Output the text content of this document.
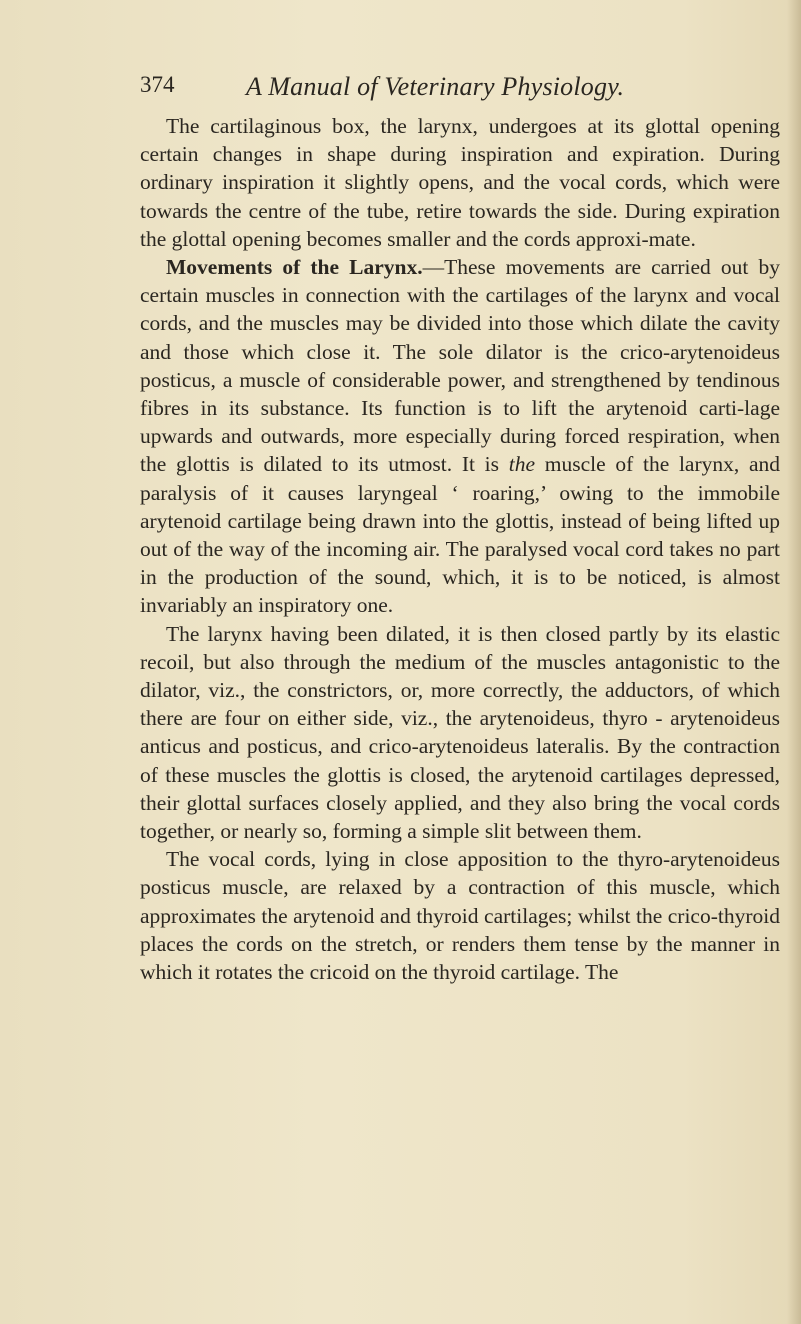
374	A Manual of Veterinary Physiology.

The cartilaginous box, the larynx, undergoes at its glottal opening certain changes in shape during inspiration and expiration. During ordinary inspiration it slightly opens, and the vocal cords, which were towards the centre of the tube, retire towards the side. During expiration the glottal opening becomes smaller and the cords approxi-mate.

Movements of the Larynx.—These movements are carried out by certain muscles in connection with the cartilages of the larynx and vocal cords, and the muscles may be divided into those which dilate the cavity and those which close it. The sole dilator is the crico-arytenoideus posticus, a muscle of considerable power, and strengthened by tendinous fibres in its substance. Its function is to lift the arytenoid carti-lage upwards and outwards, more especially during forced respiration, when the glottis is dilated to its utmost. It is the muscle of the larynx, and paralysis of it causes laryngeal ‘ roaring,’ owing to the immobile arytenoid cartilage being drawn into the glottis, instead of being lifted up out of the way of the incoming air. The paralysed vocal cord takes no part in the production of the sound, which, it is to be noticed, is almost invariably an inspiratory one.

The larynx having been dilated, it is then closed partly by its elastic recoil, but also through the medium of the muscles antagonistic to the dilator, viz., the constrictors, or, more correctly, the adductors, of which there are four on either side, viz., the arytenoideus, thyro - arytenoideus anticus and posticus, and crico-arytenoideus lateralis. By the contraction of these muscles the glottis is closed, the arytenoid cartilages depressed, their glottal surfaces closely applied, and they also bring the vocal cords together, or nearly so, forming a simple slit between them.

The vocal cords, lying in close apposition to the thyro-arytenoideus posticus muscle, are relaxed by a contraction of this muscle, which approximates the arytenoid and thyroid cartilages; whilst the crico-thyroid places the cords on the stretch, or renders them tense by the manner in which it rotates the cricoid on the thyroid cartilage. The
